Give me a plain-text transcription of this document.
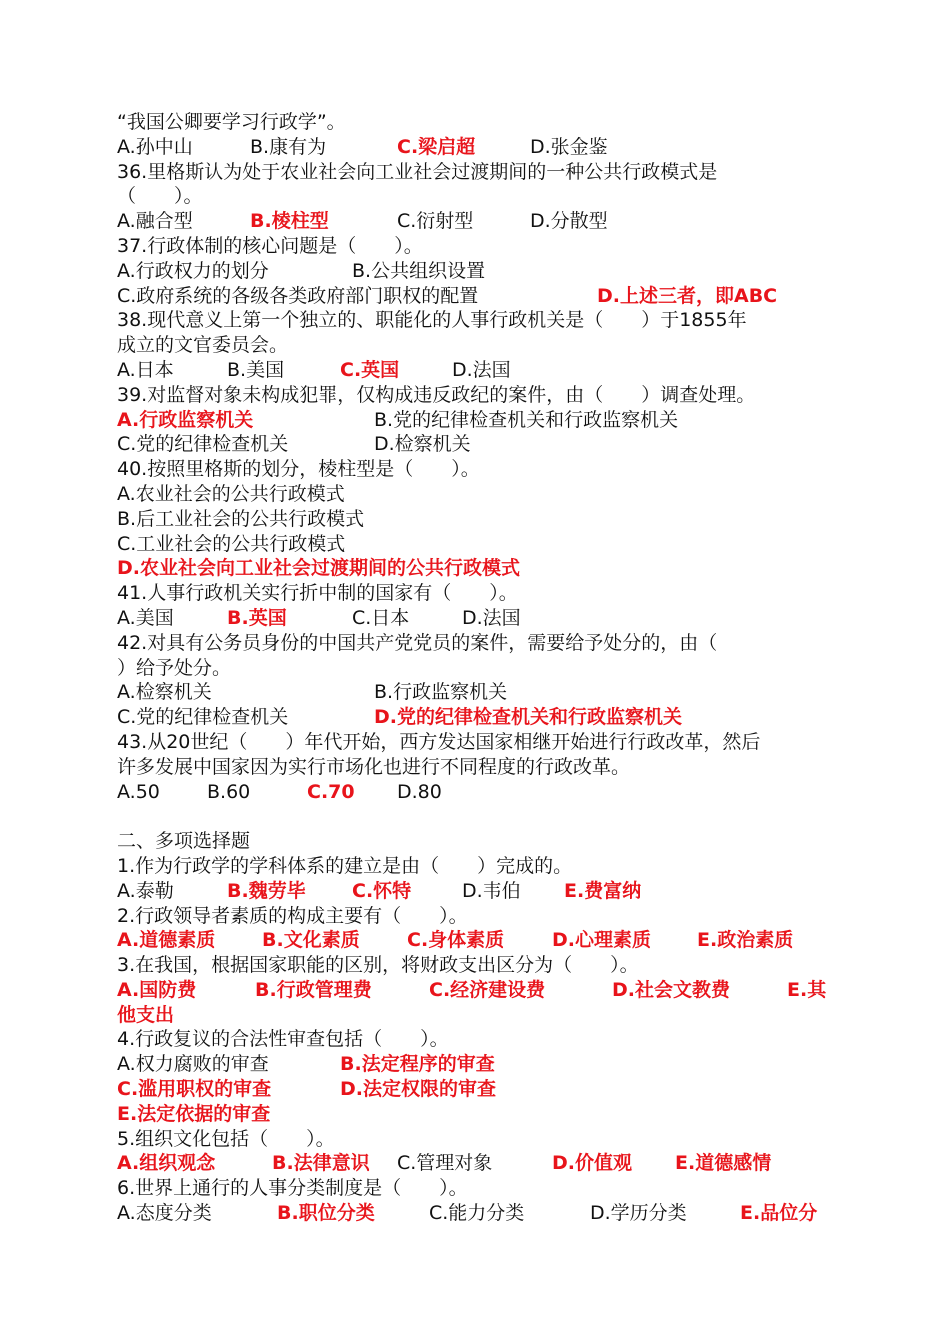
“我国公卿要学习行政学”。
A.孙中山	B.康有为	C.梁启超	D.张金鉴
36.里格斯认为处于农业社会向工业社会过渡期间的一种公共行政模式是
（　　）。
A.融合型	B.棱柱型	C.衍射型	D.分散型
37.行政体制的核心问题是（　　）。
A.行政权力的划分	B.公共组织设置
C.政府系统的各级各类政府部门职权的配置	D.上述三者，即ABC
38.现代意义上第一个独立的、职能化的人事行政机关是（　　）于1855年
成立的文官委员会。
A.日本	B.美国	C.英国	D.法国
39.对监督对象未构成犯罪，仅构成违反政纪的案件，由（　　）调查处理。
A.行政监察机关	B.党的纪律检查机关和行政监察机关
C.党的纪律检查机关	D.检察机关
40.按照里格斯的划分，棱柱型是（　　）。
A.农业社会的公共行政模式
B.后工业社会的公共行政模式
C.工业社会的公共行政模式
D.农业社会向工业社会过渡期间的公共行政模式
41.人事行政机关实行折中制的国家有（　　）。
A.美国	B.英国	C.日本	D.法国
42.对具有公务员身份的中国共产党党员的案件，需要给予处分的，由（
）给予处分。
A.检察机关	B.行政监察机关
C.党的纪律检查机关	D.党的纪律检查机关和行政监察机关
43.从20世纪（　　）年代开始，西方发达国家相继开始进行行政改革，然后
许多发展中国家因为实行市场化也进行不同程度的行政改革。
A.50 B.60	C.70 D.80
二、多项选择题
1.作为行政学的学科体系的建立是由（　　）完成的。
A.泰勒	B.魏劳毕 C.怀特	D.韦伯 E.费富纳
2.行政领导者素质的构成主要有（　　）。
A.道德素质 B.文化素质 C.身体素质	D.心理素质 E.政治素质
3.在我国，根据国家职能的区别，将财政支出区分为（　　）。
A.国防费	B.行政管理费	C.经济建设费	D.社会文教费	E.其
他支出
4.行政复议的合法性审查包括（　　）。
A.权力腐败的审查	B.法定程序的审查
C.滥用职权的审查	D.法定权限的审查
E.法定依据的审查
5.组织文化包括（　　）。
A.组织观念	B.法律意识 C.管理对象	D.价值观 E.道德感情
6.世界上通行的人事分类制度是（　　）。
A.态度分类	B.职位分类	C.能力分类	D.学历分类	E.品位分
